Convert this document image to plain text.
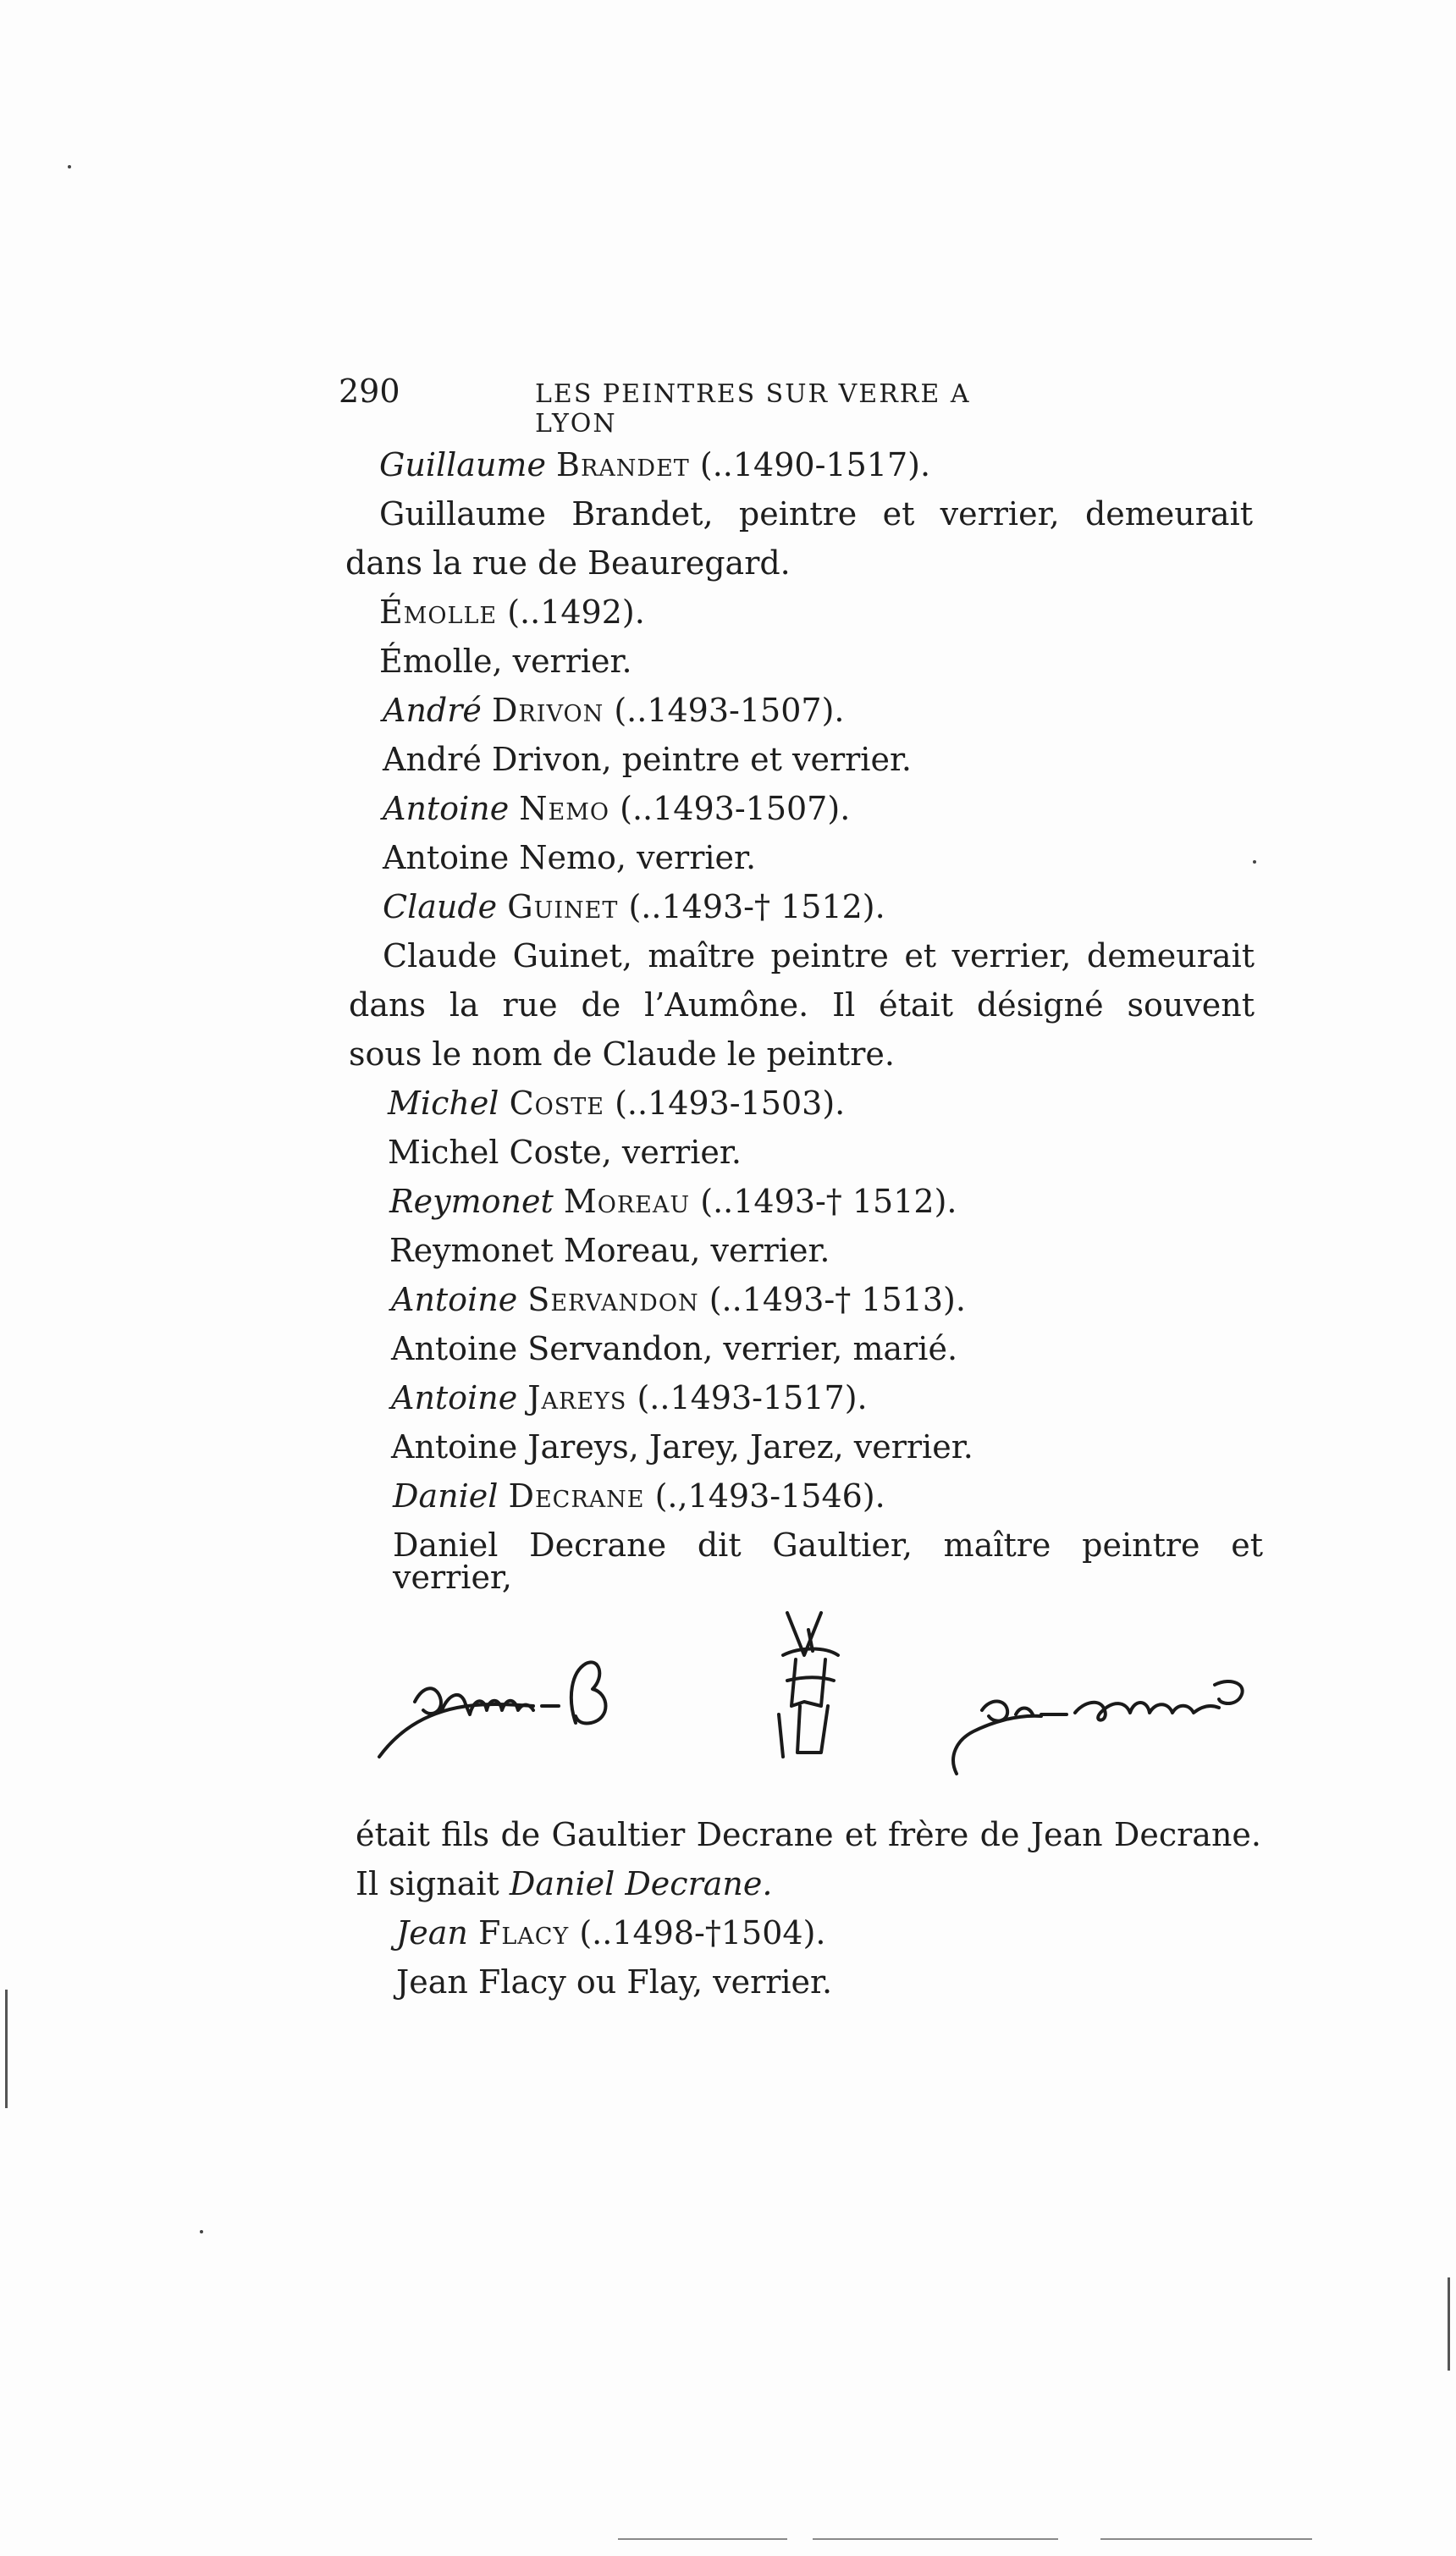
290	LES PEINTRES SUR VERRE A LYON
Guillaume Brandet (..1490-1517).
Guillaume Brandet, peintre et verrier, demeurait
dans la rue de Beauregard.
Émolle (..1492).
Émolle, verrier.
André Drivon (..1493-1507).
André Drivon, peintre et verrier.
Antoine Nemo (..1493-1507).
Antoine Nemo, verrier.
Claude Guinet (..1493-† 1512).
Claude Guinet, maître peintre et verrier, demeurait
dans la rue de l’Aumône. Il était désigné souvent
sous le nom de Claude le peintre.
Michel Coste (..1493-1503).
Michel Coste, verrier.
Reymonet Moreau (..1493-† 1512).
Reymonet Moreau, verrier.
Antoine Servandon (..1493-† 1513).
Antoine Servandon, verrier, marié.
Antoine Jareys (..1493-1517).
Antoine Jareys, Jarey, Jarez, verrier.
Daniel Decrane (.,1493-1546).
Daniel Decrane dit Gaultier, maître peintre et verrier,
était fils de Gaultier Decrane et frère de Jean Decrane.
Il signait Daniel Decrane.
Jean Flacy (..1498-†1504).
Jean Flacy ou Flay, verrier.
